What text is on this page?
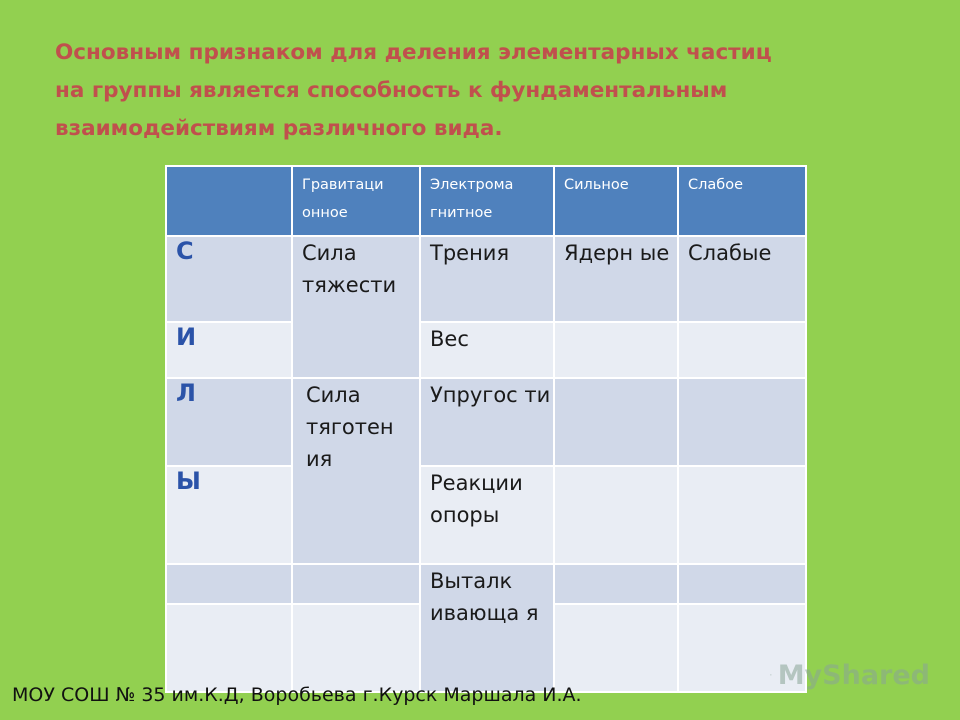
Основным признаком для деления элементарных частиц
на группы является способность к фундаментальным
взаимодействиям различного вида.
	Гравитаци онное	Электрома гнитное	Сильное	Слабое
С	Сила тяжести	Трения	Ядерн ые	Слабые
И		Вес		
Л	Сила тяготен ия	Упругос ти		
Ы		Реакции опоры		
		Выталк ивающа я		

MyShared
МОУ СОШ № 35 им.К.Д, Воробьева г.Курск Маршала И.А.
